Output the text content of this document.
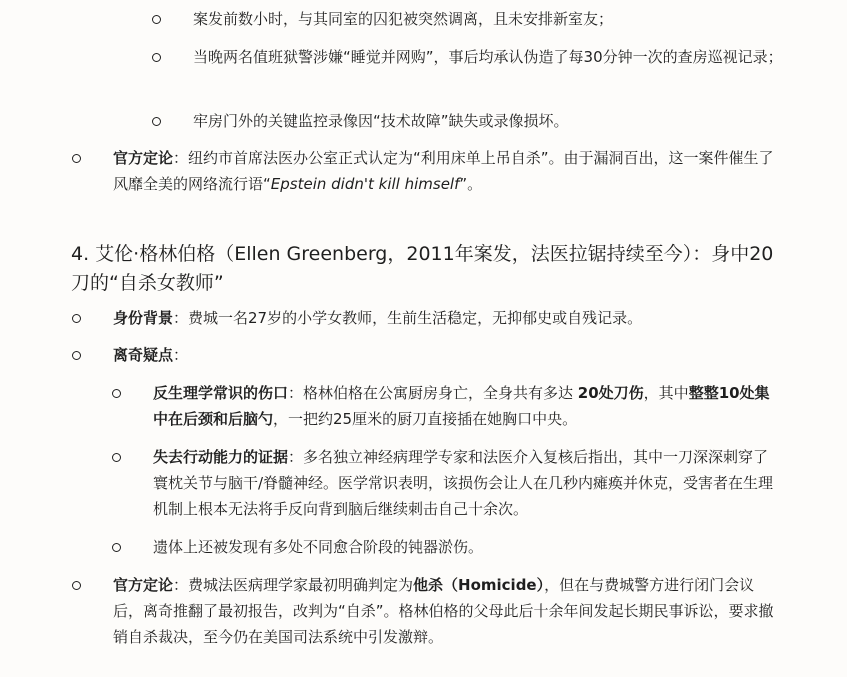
案发前数小时，与其同室的囚犯被突然调离，且未安排新室友；
当晚两名值班狱警涉嫌“睡觉并网购”，事后均承认伪造了每30分钟一次的查房巡视记录；
牢房门外的关键监控录像因“技术故障”缺失或录像损坏。
官方定论：纽约市首席法医办公室正式认定为“利用床单上吊自杀”。由于漏洞百出，这一案件催生了风靡全美的网络流行语“Epstein didn't kill himself”。
4. 艾伦·格林伯格（Ellen Greenberg，2011年案发，法医拉锯持续至今）：身中20刀的“自杀女教师”
身份背景：费城一名27岁的小学女教师，生前生活稳定，无抑郁史或自残记录。
离奇疑点：
反生理学常识的伤口：格林伯格在公寓厨房身亡，全身共有多达 20处刀伤，其中整整10处集中在后颈和后脑勺，一把约25厘米的厨刀直接插在她胸口中央。
失去行动能力的证据：多名独立神经病理学专家和法医介入复核后指出，其中一刀深深刺穿了寰枕关节与脑干/脊髓神经。医学常识表明，该损伤会让人在几秒内瘫痪并休克，受害者在生理机制上根本无法将手反向背到脑后继续刺击自己十余次。
遗体上还被发现有多处不同愈合阶段的钝器淤伤。
官方定论：费城法医病理学家最初明确判定为他杀（Homicide），但在与费城警方进行闭门会议后，离奇推翻了最初报告，改判为“自杀”。格林伯格的父母此后十余年间发起长期民事诉讼，要求撤销自杀裁决，至今仍在美国司法系统中引发激辩。
